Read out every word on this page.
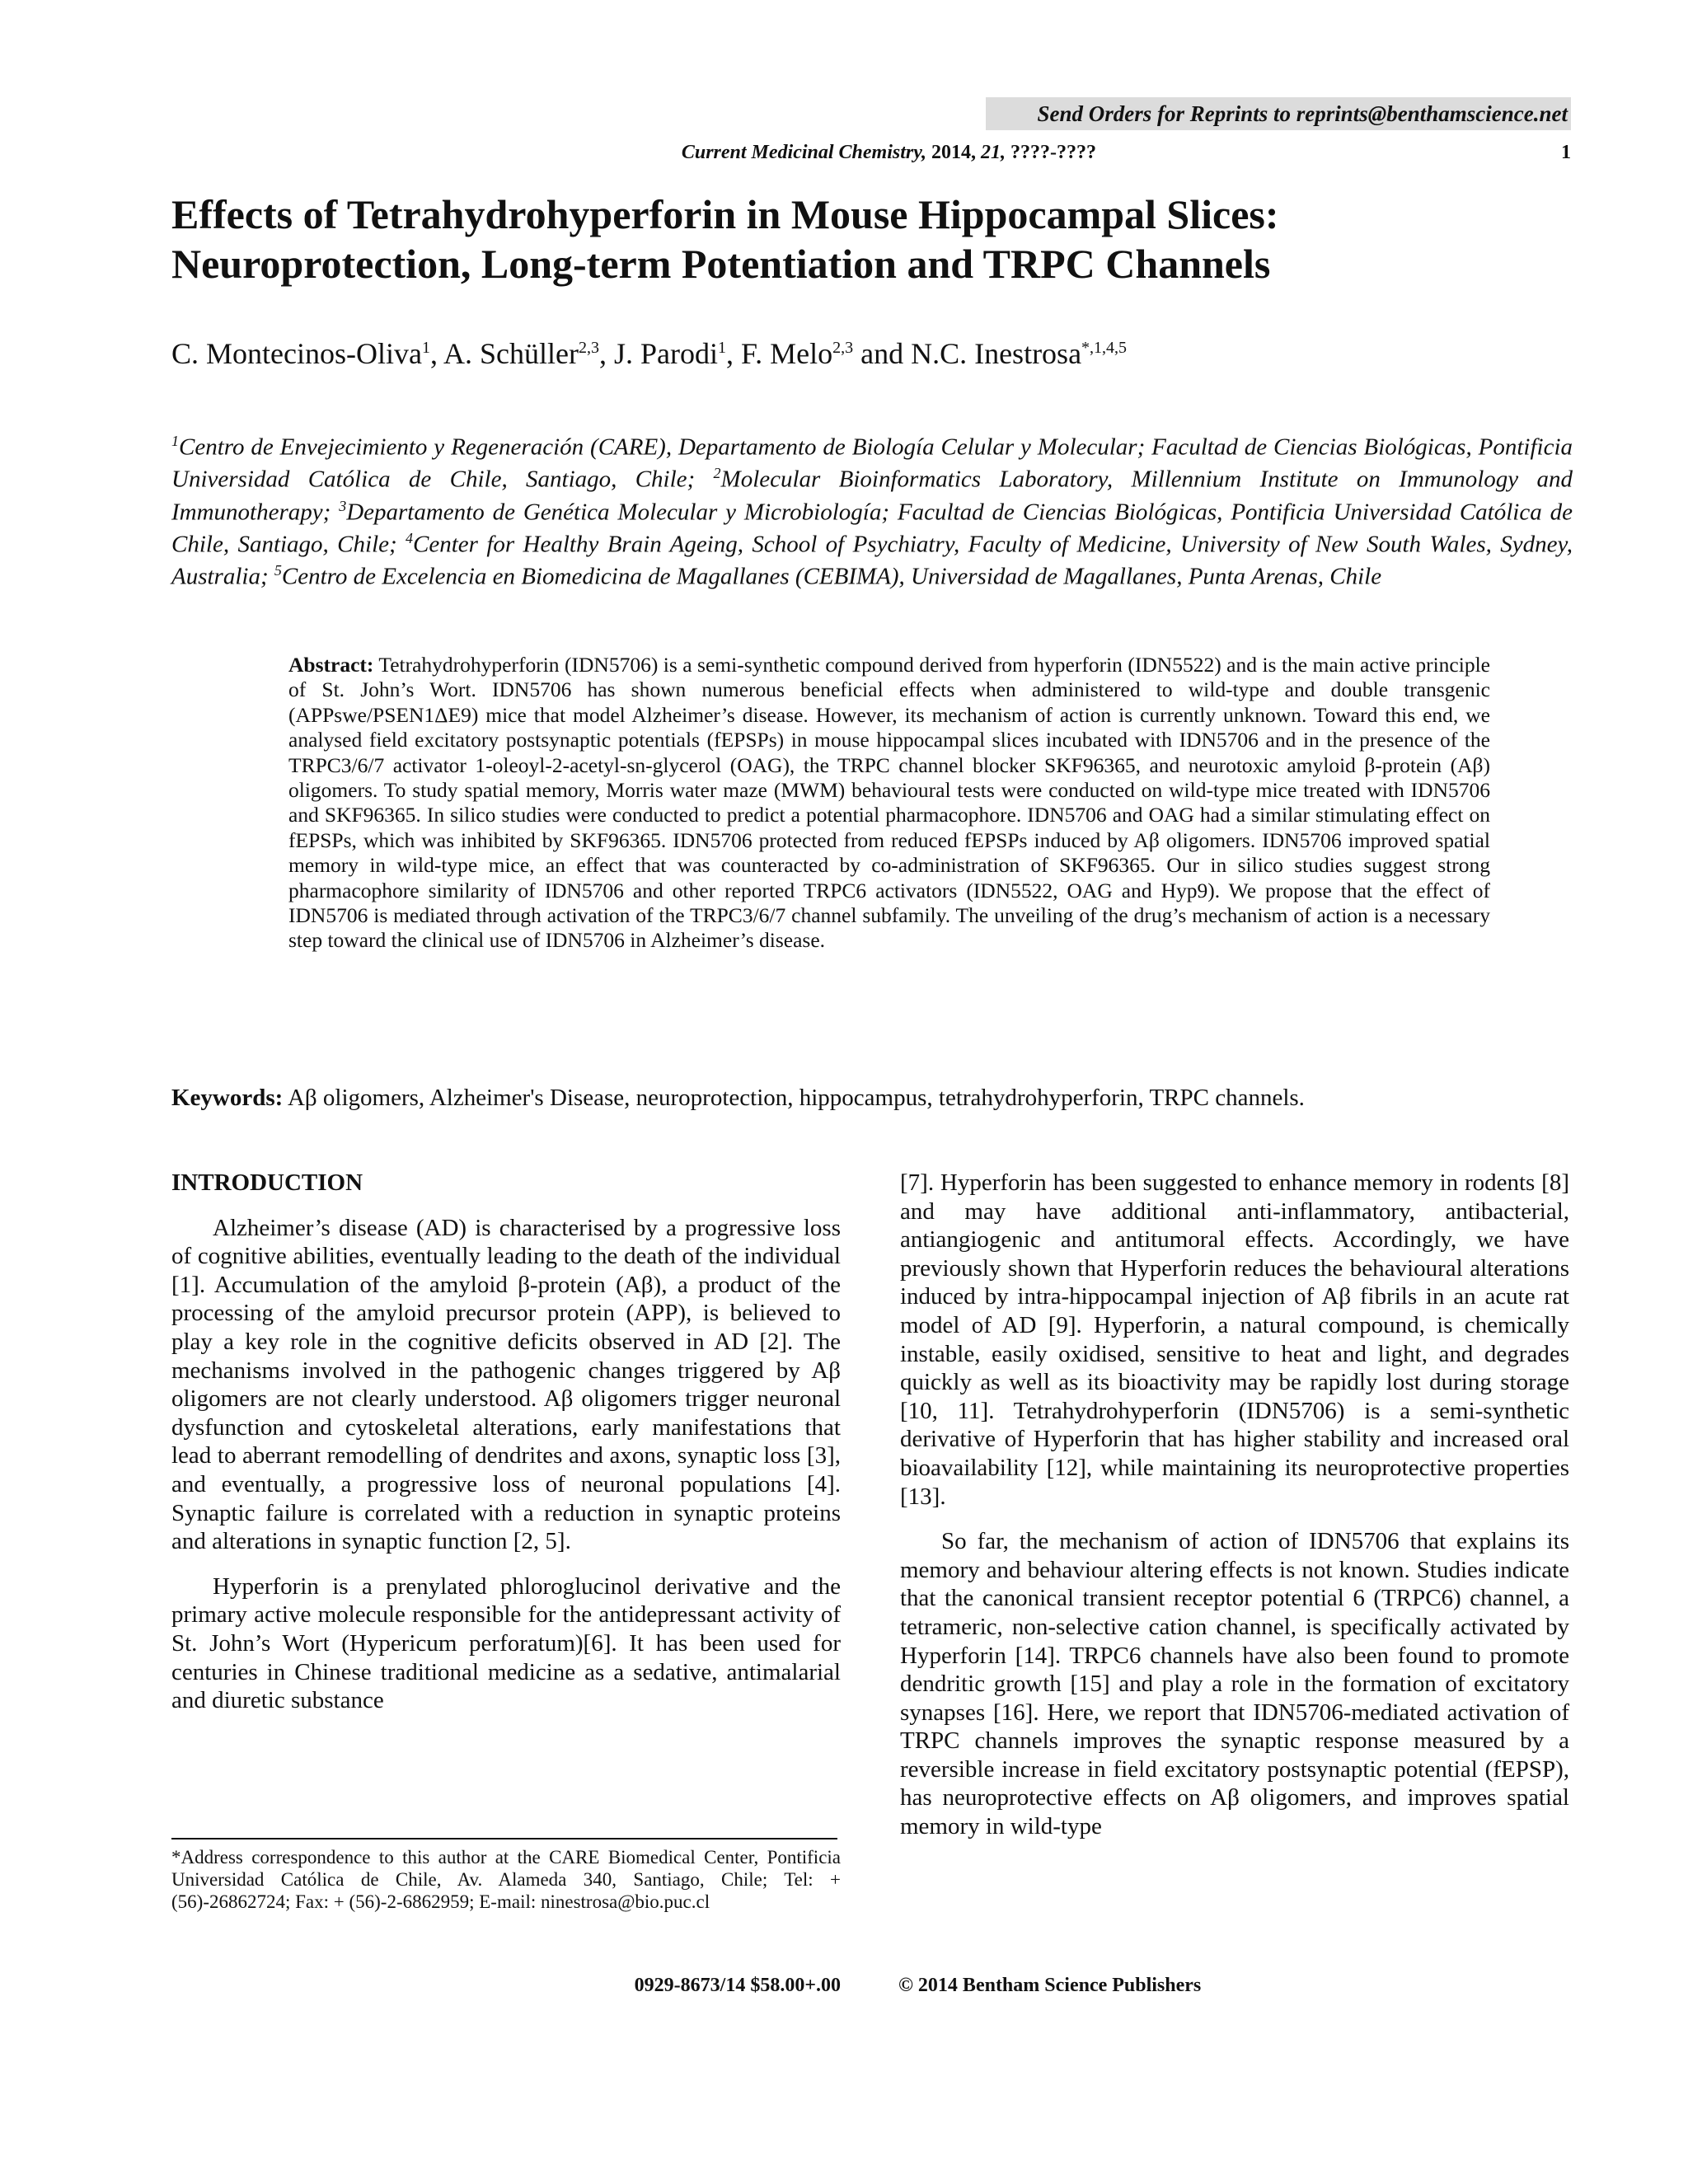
Send Orders for Reprints to reprints@benthamscience.net
Current Medicinal Chemistry, 2014, 21, ????-????	1
Effects of Tetrahydrohyperforin in Mouse Hippocampal Slices: Neuroprotection, Long-term Potentiation and TRPC Channels
C. Montecinos-Oliva$^1$, A. Schüller$^{2,3}$, J. Parodi$^1$, F. Melo$^{2,3}$ and N.C. Inestrosa$^{*,1,4,5}$
$^1$Centro de Envejecimiento y Regeneración (CARE), Departamento de Biología Celular y Molecular; Facultad de Ciencias Biológicas, Pontificia Universidad Católica de Chile, Santiago, Chile; $^2$Molecular Bioinformatics Laboratory, Millennium Institute on Immunology and Immunotherapy; $^3$Departamento de Genética Molecular y Microbiología; Facultad de Ciencias Biológicas, Pontificia Universidad Católica de Chile, Santiago, Chile; $^4$Center for Healthy Brain Ageing, School of Psychiatry, Faculty of Medicine, University of New South Wales, Sydney, Australia; $^5$Centro de Excelencia en Biomedicina de Magallanes (CEBIMA), Universidad de Magallanes, Punta Arenas, Chile
Abstract: Tetrahydrohyperforin (IDN5706) is a semi-synthetic compound derived from hyperforin (IDN5522) and is the main active principle of St. John’s Wort. IDN5706 has shown numerous beneficial effects when administered to wild-type and double transgenic (APPswe/PSEN1ΔE9) mice that model Alzheimer’s disease. However, its mechanism of action is currently unknown. Toward this end, we analysed field excitatory postsynaptic potentials (fEPSPs) in mouse hippocampal slices incubated with IDN5706 and in the presence of the TRPC3/6/7 activator 1-oleoyl-2-acetyl-sn-glycerol (OAG), the TRPC channel blocker SKF96365, and neurotoxic amyloid β-protein (Aβ) oligomers. To study spatial memory, Morris water maze (MWM) behavioural tests were conducted on wild-type mice treated with IDN5706 and SKF96365. In silico studies were conducted to predict a potential pharmacophore. IDN5706 and OAG had a similar stimulating effect on fEPSPs, which was inhibited by SKF96365. IDN5706 protected from reduced fEPSPs induced by Aβ oligomers. IDN5706 improved spatial memory in wild-type mice, an effect that was counteracted by co-administration of SKF96365. Our in silico studies suggest strong pharmacophore similarity of IDN5706 and other reported TRPC6 activators (IDN5522, OAG and Hyp9). We propose that the effect of IDN5706 is mediated through activation of the TRPC3/6/7 channel subfamily. The unveiling of the drug’s mechanism of action is a necessary step toward the clinical use of IDN5706 in Alzheimer’s disease.
Keywords: Aβ oligomers, Alzheimer's Disease, neuroprotection, hippocampus, tetrahydrohyperforin, TRPC channels.
INTRODUCTION

Alzheimer’s disease (AD) is characterised by a progressive loss of cognitive abilities, eventually leading to the death of the individual [1]. Accumulation of the amyloid β-protein (Aβ), a product of the processing of the amyloid precursor protein (APP), is believed to play a key role in the cognitive deficits observed in AD [2]. The mechanisms involved in the pathogenic changes triggered by Aβ oligomers are not clearly understood. Aβ oligomers trigger neuronal dysfunction and cytoskeletal alterations, early manifestations that lead to aberrant remodelling of dendrites and axons, synaptic loss [3], and eventually, a progressive loss of neuronal populations [4]. Synaptic failure is correlated with a reduction in synaptic proteins and alterations in synaptic function [2, 5].

Hyperforin is a prenylated phloroglucinol derivative and the primary active molecule responsible for the antidepressant activity of St. John’s Wort (Hypericum perforatum)[6]. It has been used for centuries in Chinese traditional medicine as a sedative, antimalarial and diuretic substance

[7]. Hyperforin has been suggested to enhance memory in rodents [8] and may have additional anti-inflammatory, antibacterial, antiangiogenic and antitumoral effects. Accordingly, we have previously shown that Hyperforin reduces the behavioural alterations induced by intra-hippocampal injection of Aβ fibrils in an acute rat model of AD [9]. Hyperforin, a natural compound, is chemically instable, easily oxidised, sensitive to heat and light, and degrades quickly as well as its bioactivity may be rapidly lost during storage [10, 11]. Tetrahydrohyperforin (IDN5706) is a semi-synthetic derivative of Hyperforin that has higher stability and increased oral bioavailability [12], while maintaining its neuroprotective properties [13].

So far, the mechanism of action of IDN5706 that explains its memory and behaviour altering effects is not known. Studies indicate that the canonical transient receptor potential 6 (TRPC6) channel, a tetrameric, non-selective cation channel, is specifically activated by Hyperforin [14]. TRPC6 channels have also been found to promote dendritic growth [15] and play a role in the formation of excitatory synapses [16]. Here, we report that IDN5706-mediated activation of TRPC channels improves the synaptic response measured by a reversible increase in field excitatory postsynaptic potential (fEPSP), has neuroprotective effects on Aβ oligomers, and improves spatial memory in wild-type

*Address correspondence to this author at the CARE Biomedical Center, Pontificia Universidad Católica de Chile, Av. Alameda 340, Santiago, Chile; Tel: + (56)-26862724; Fax: + (56)-2-6862959; E-mail: ninestrosa@bio.puc.cl
0929-8673/14 $58.00+.00	© 2014 Bentham Science Publishers
